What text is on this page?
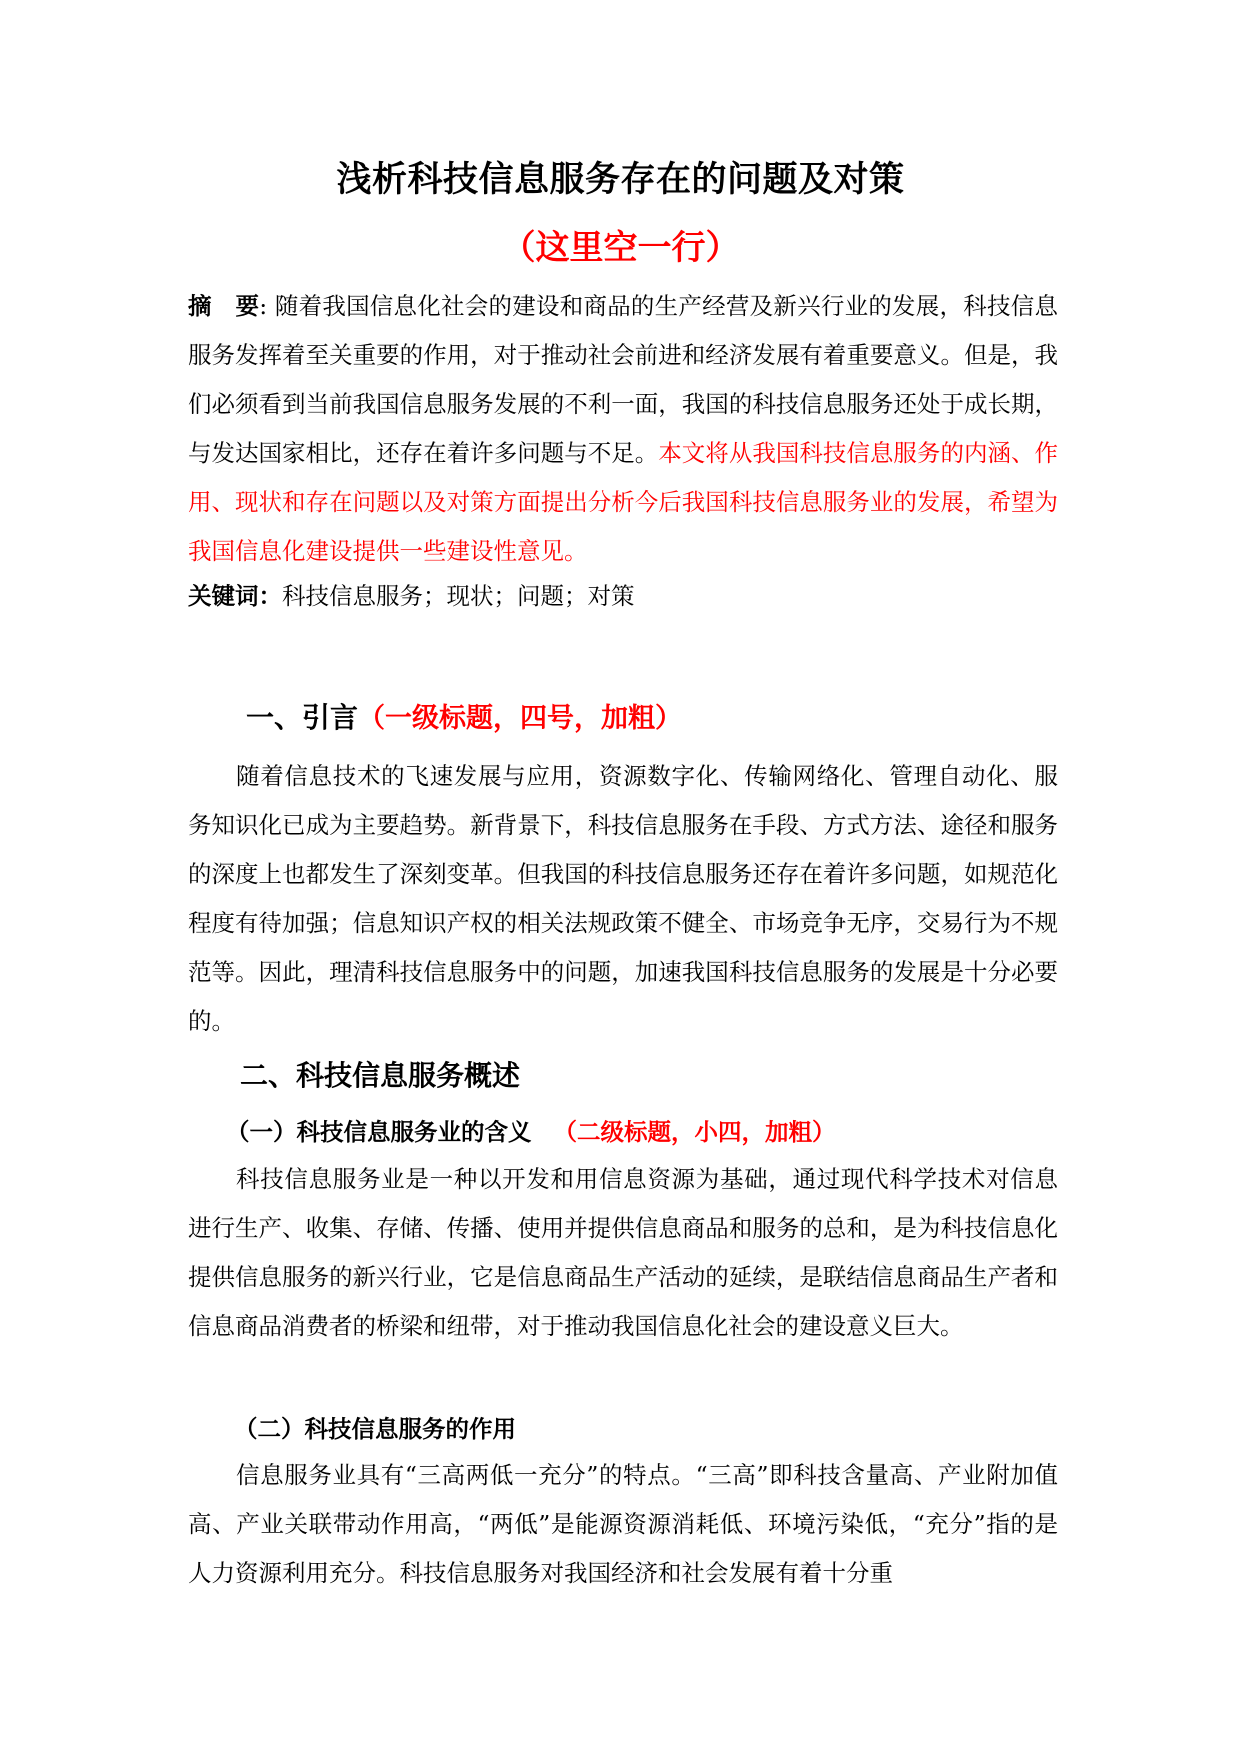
浅析科技信息服务存在的问题及对策
（这里空一行）
摘　要: 随着我国信息化社会的建设和商品的生产经营及新兴行业的发展，科技信息服务发挥着至关重要的作用，对于推动社会前进和经济发展有着重要意义。但是，我们必须看到当前我国信息服务发展的不利一面，我国的科技信息服务还处于成长期，与发达国家相比，还存在着许多问题与不足。本文将从我国科技信息服务的内涵、作用、现状和存在问题以及对策方面提出分析今后我国科技信息服务业的发展，希望为我国信息化建设提供一些建设性意见。
关键词：科技信息服务；现状；问题；对策
一、引言（一级标题，四号，加粗）
随着信息技术的飞速发展与应用，资源数字化、传输网络化、管理自动化、服务知识化已成为主要趋势。新背景下，科技信息服务在手段、方式方法、途径和服务的深度上也都发生了深刻变革。但我国的科技信息服务还存在着许多问题，如规范化程度有待加强；信息知识产权的相关法规政策不健全、市场竞争无序，交易行为不规范等。因此，理清科技信息服务中的问题，加速我国科技信息服务的发展是十分必要的。
二、科技信息服务概述
（一）科技信息服务业的含义 （二级标题，小四，加粗）
科技信息服务业是一种以开发和用信息资源为基础，通过现代科学技术对信息进行生产、收集、存储、传播、使用并提供信息商品和服务的总和，是为科技信息化提供信息服务的新兴行业，它是信息商品生产活动的延续，是联结信息商品生产者和信息商品消费者的桥梁和纽带，对于推动我国信息化社会的建设意义巨大。
（二）科技信息服务的作用
信息服务业具有“三高两低一充分”的特点。“三高”即科技含量高、产业附加值高、产业关联带动作用高，“两低”是能源资源消耗低、环境污染低，“充分”指的是人力资源利用充分。科技信息服务对我国经济和社会发展有着十分重
